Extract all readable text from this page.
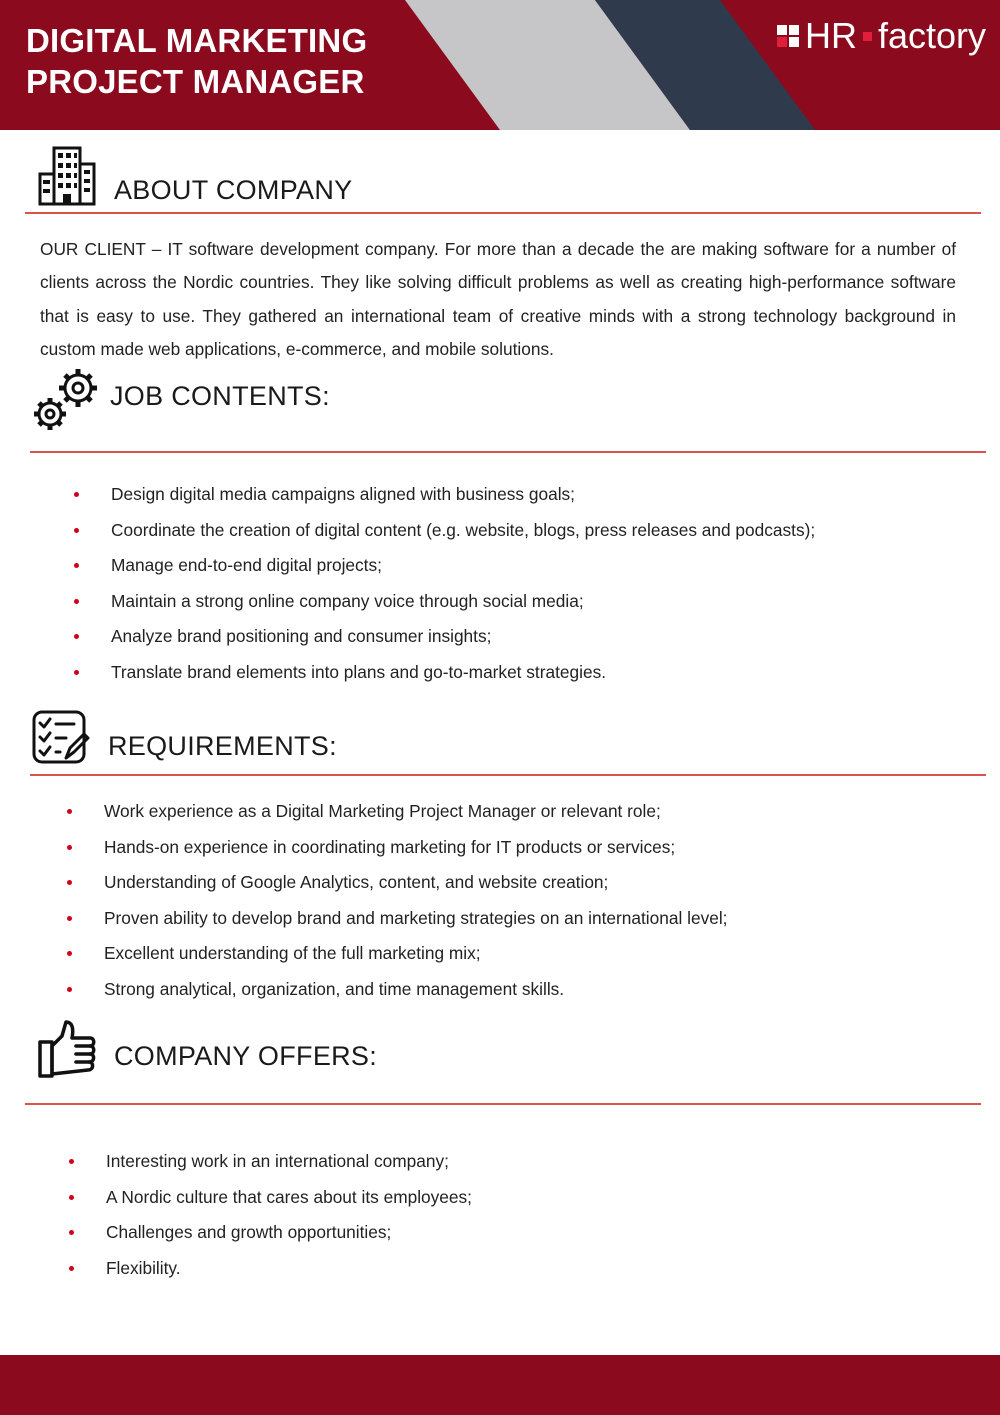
DIGITAL MARKETING
PROJECT MANAGER
HR factory
ABOUT COMPANY

OUR CLIENT – IT software development company. For more than a decade the are making software for a number of clients across the Nordic countries. They like solving difficult problems as well as creating high-performance software that is easy to use. They gathered an international team of creative minds with a strong technology background in custom made web applications, e-commerce, and mobile solutions.

JOB CONTENTS:
Design digital media campaigns aligned with business goals;
Coordinate the creation of digital content (e.g. website, blogs, press releases and podcasts);
Manage end-to-end digital projects;
Maintain a strong online company voice through social media;
Analyze brand positioning and consumer insights;
Translate brand elements into plans and go-to-market strategies.
REQUIREMENTS:
Work experience as a Digital Marketing Project Manager or relevant role;
Hands-on experience in coordinating marketing for IT products or services;
Understanding of Google Analytics, content, and website creation;
Proven ability to develop brand and marketing strategies on an international level;
Excellent understanding of the full marketing mix;
Strong analytical, organization, and time management skills.
COMPANY OFFERS:
Interesting work in an international company;
A Nordic culture that cares about its employees;
Challenges and growth opportunities;
Flexibility.
